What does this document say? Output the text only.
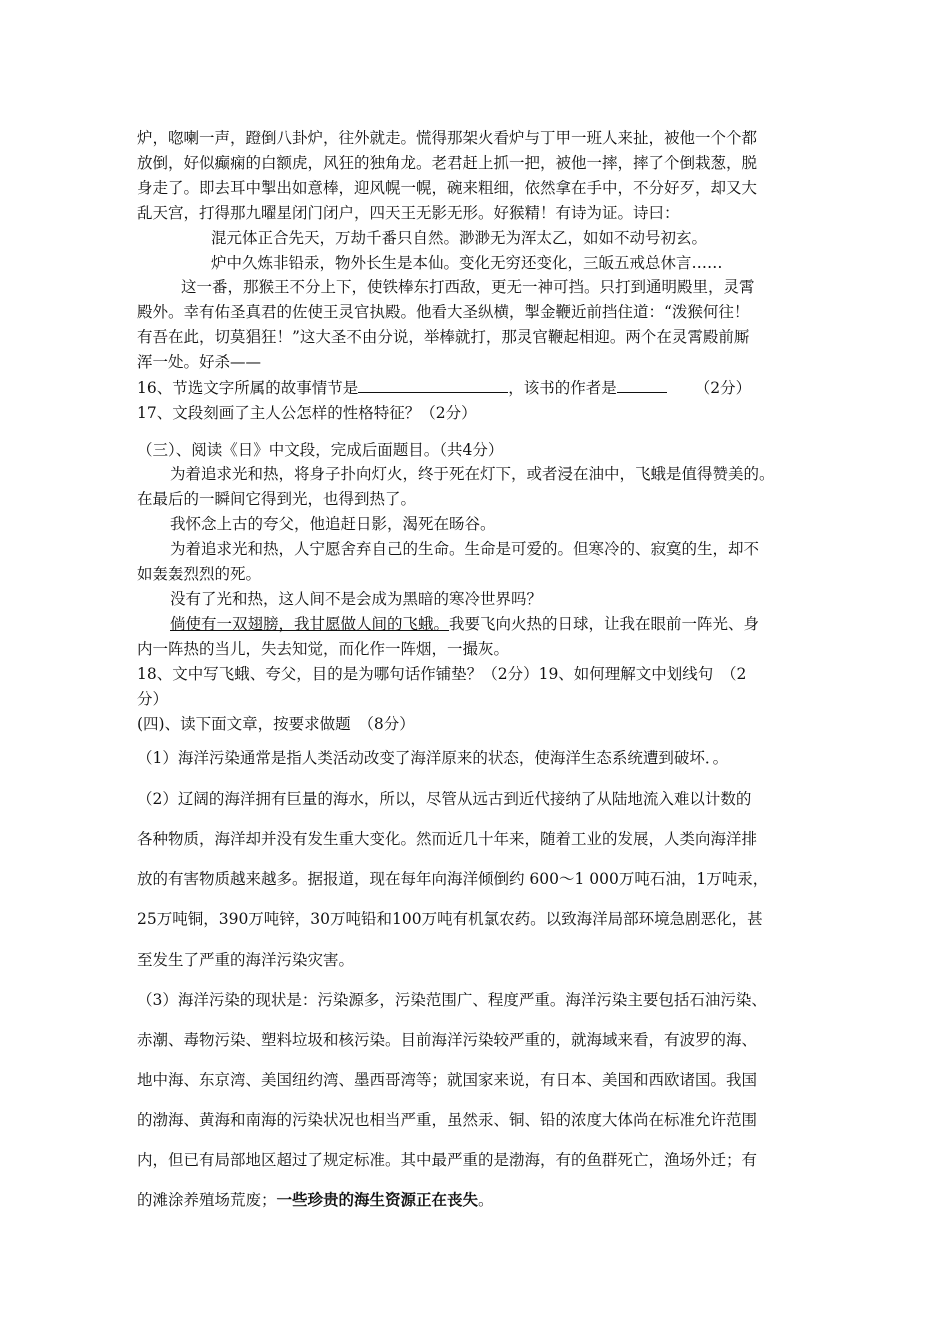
炉，唿喇一声，蹬倒八卦炉，往外就走。慌得那架火看炉与丁甲一班人来扯，被他一个个都
放倒，好似癫痫的白额虎，风狂的独角龙。老君赶上抓一把，被他一摔，摔了个倒栽葱，脱
身走了。即去耳中掣出如意棒，迎风幌一幌，碗来粗细，依然拿在手中，不分好歹，却又大
乱天宫，打得那九曜星闭门闭户，四天王无影无形。好猴精！有诗为证。诗曰：
混元体正合先天，万劫千番只自然。渺渺无为浑太乙，如如不动号初玄。
炉中久炼非铅汞，物外长生是本仙。变化无穷还变化，三皈五戒总休言……
这一番，那猴王不分上下，使铁棒东打西敌，更无一神可挡。只打到通明殿里，灵霄
殿外。幸有佑圣真君的佐使王灵官执殿。他看大圣纵横，掣金鞭近前挡住道：“泼猴何往！
有吾在此，切莫猖狂！”这大圣不由分说，举棒就打，那灵官鞭起相迎。两个在灵霄殿前厮
浑一处。好杀——
16、节选文字所属的故事情节是	，该书的作者是	（2分）
17、文段刻画了主人公怎样的性格特征？（2分）
（三）、阅读《日》中文段，完成后面题目。（共4分）
为着追求光和热，将身子扑向灯火，终于死在灯下，或者浸在油中，飞蛾是值得赞美的。
在最后的一瞬间它得到光，也得到热了。
我怀念上古的夸父，他追赶日影，渴死在旸谷。
为着追求光和热，人宁愿舍弃自己的生命。生命是可爱的。但寒冷的、寂寞的生，却不
如轰轰烈烈的死。
没有了光和热，这人间不是会成为黑暗的寒冷世界吗？
倘使有一双翅膀，我甘愿做人间的飞蛾。我要飞向火热的日球，让我在眼前一阵光、身
内一阵热的当儿，失去知觉，而化作一阵烟，一撮灰。
18、文中写飞蛾、夸父，目的是为哪句话作铺垫？（2分）19、如何理解文中划线句　（2
分）
(四)、读下面文章，按要求做题　（8分）
（1）海洋污染通常是指人类活动改变了海洋原来的状态，使海洋生态系统遭到破坏．。
（2）辽阔的海洋拥有巨量的海水，所以，尽管从远古到近代接纳了从陆地流入难以计数的
各种物质，海洋却并没有发生重大变化。然而近几十年来，随着工业的发展，人类向海洋排
放的有害物质越来越多。据报道，现在每年向海洋倾倒约 600～1 000万吨石油，1万吨汞，
25万吨铜，390万吨锌，30万吨铅和100万吨有机氯农药。以致海洋局部环境急剧恶化，甚
至发生了严重的海洋污染灾害。
（3）海洋污染的现状是：污染源多，污染范围广、程度严重。海洋污染主要包括石油污染、
赤潮、毒物污染、塑料垃圾和核污染。目前海洋污染较严重的，就海域来看，有波罗的海、
地中海、东京湾、美国纽约湾、墨西哥湾等；就国家来说，有日本、美国和西欧诸国。我国
的渤海、黄海和南海的污染状况也相当严重，虽然汞、铜、铅的浓度大体尚在标准允许范围
内，但已有局部地区超过了规定标准。其中最严重的是渤海，有的鱼群死亡，渔场外迁；有
的滩涂养殖场荒废；一些珍贵的海生资源正在丧失。
